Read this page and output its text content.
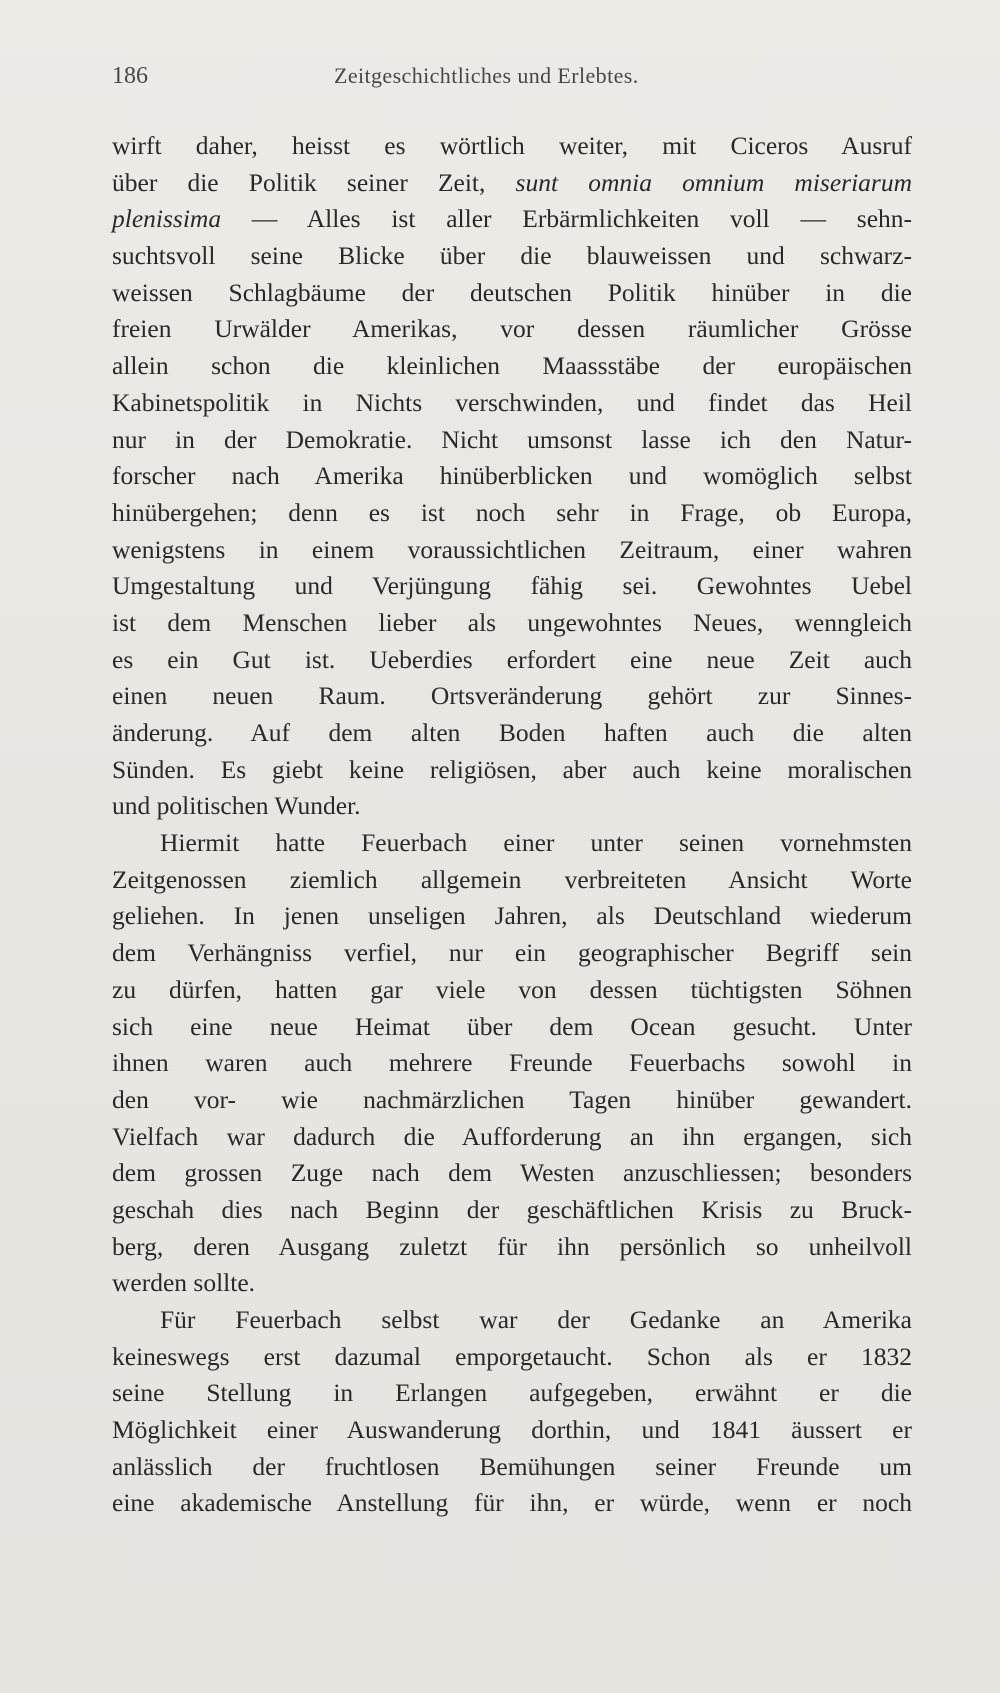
186	Zeitgeschichtliches und Erlebtes.
wirft daher, heisst es wörtlich weiter, mit Ciceros Ausruf
über die Politik seiner Zeit, sunt omnia omnium miseriarum
plenissima — Alles ist aller Erbärmlichkeiten voll — sehn-
suchtsvoll seine Blicke über die blauweissen und schwarz-
weissen Schlagbäume der deutschen Politik hinüber in die
freien Urwälder Amerikas, vor dessen räumlicher Grösse
allein schon die kleinlichen Maassstäbe der europäischen
Kabinetspolitik in Nichts verschwinden, und findet das Heil
nur in der Demokratie. Nicht umsonst lasse ich den Natur-
forscher nach Amerika hinüberblicken und womöglich selbst
hinübergehen; denn es ist noch sehr in Frage, ob Europa,
wenigstens in einem voraussichtlichen Zeitraum, einer wahren
Umgestaltung und Verjüngung fähig sei. Gewohntes Uebel
ist dem Menschen lieber als ungewohntes Neues, wenngleich
es ein Gut ist. Ueberdies erfordert eine neue Zeit auch
einen neuen Raum. Ortsveränderung gehört zur Sinnes-
änderung. Auf dem alten Boden haften auch die alten
Sünden. Es giebt keine religiösen, aber auch keine moralischen
und politischen Wunder.
Hiermit hatte Feuerbach einer unter seinen vornehmsten
Zeitgenossen ziemlich allgemein verbreiteten Ansicht Worte
geliehen. In jenen unseligen Jahren, als Deutschland wiederum
dem Verhängniss verfiel, nur ein geographischer Begriff sein
zu dürfen, hatten gar viele von dessen tüchtigsten Söhnen
sich eine neue Heimat über dem Ocean gesucht. Unter
ihnen waren auch mehrere Freunde Feuerbachs sowohl in
den vor- wie nachmärzlichen Tagen hinüber gewandert.
Vielfach war dadurch die Aufforderung an ihn ergangen, sich
dem grossen Zuge nach dem Westen anzuschliessen; besonders
geschah dies nach Beginn der geschäftlichen Krisis zu Bruck-
berg, deren Ausgang zuletzt für ihn persönlich so unheilvoll
werden sollte.
Für Feuerbach selbst war der Gedanke an Amerika
keineswegs erst dazumal emporgetaucht. Schon als er 1832
seine Stellung in Erlangen aufgegeben, erwähnt er die
Möglichkeit einer Auswanderung dorthin, und 1841 äussert er
anlässlich der fruchtlosen Bemühungen seiner Freunde um
eine akademische Anstellung für ihn, er würde, wenn er noch
